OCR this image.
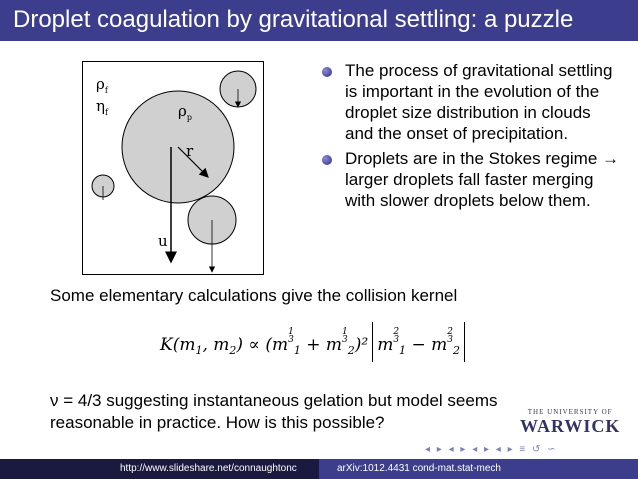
Droplet coagulation by gravitational settling: a puzzle
$\rho_f$
$\eta_f$	$\rho_p$
r
u
The process of gravitational settling is important in the evolution of the droplet size distribution in clouds and the onset of precipitation.
Droplets are in the Stokes regime → larger droplets fall faster merging with slower droplets below them.
Some elementary calculations give the collision kernel
$K(m_1$, $m_2) \propto (m1$
$3_1 + m1$
$3_2)^2$ m2
$3_1 - m2$
$3_2$
ν = 4/3 suggesting instantaneous gelation but model seems
reasonable in practice. How is this possible?
THE UNIVERSITY OF
WARWICK
◂ ▸ ◂ ▸ ◂ ▸ ◂ ▸ ≡ ↺ ∽
http://www.slideshare.net/connaughtonc	arXiv:1012.4431 cond-mat.stat-mech
